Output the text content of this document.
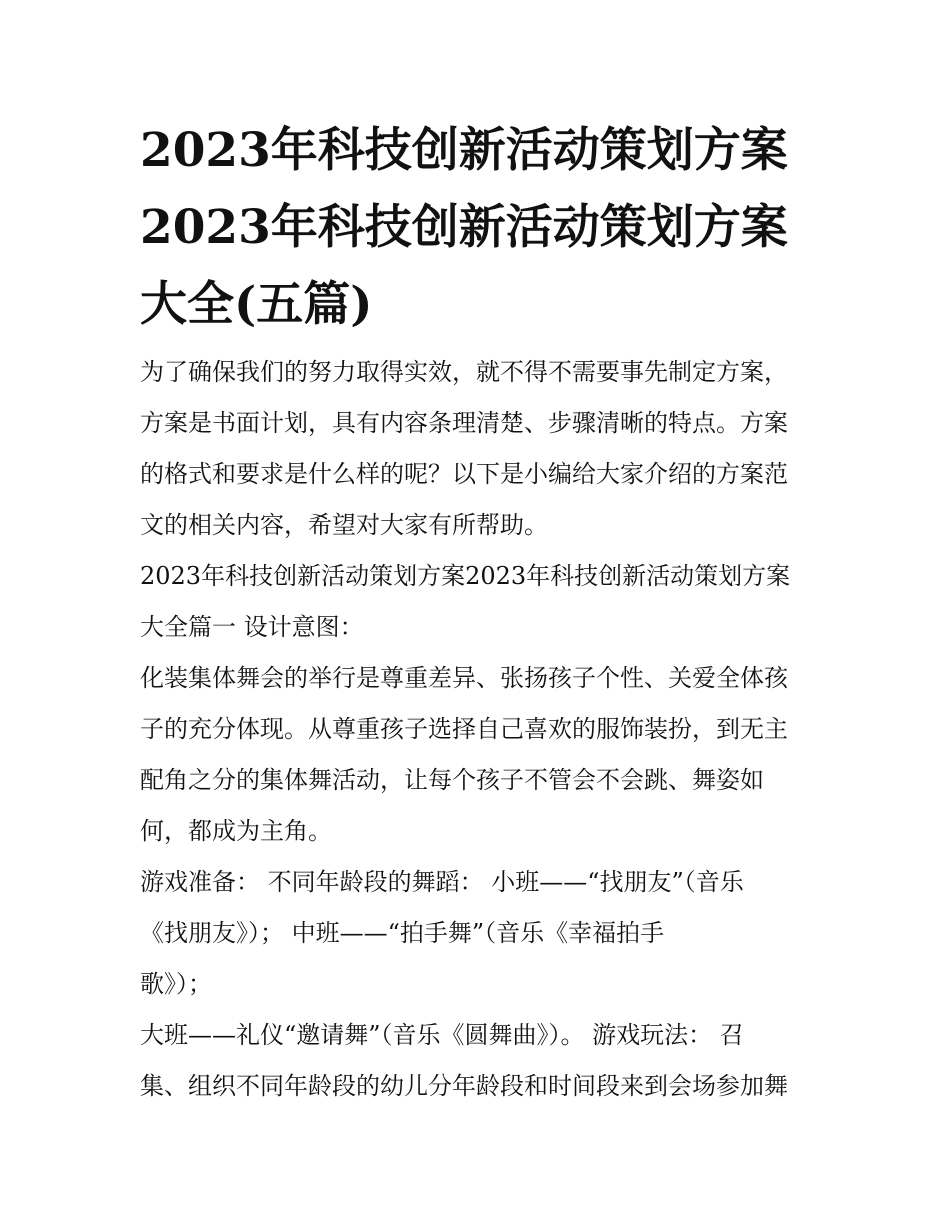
2023年科技创新活动策划方案
2023年科技创新活动策划方案
大全(五篇)
为了确保我们的努力取得实效，就不得不需要事先制定方案，
方案是书面计划，具有内容条理清楚、步骤清晰的特点。方案
的格式和要求是什么样的呢？以下是小编给大家介绍的方案范
文的相关内容，希望对大家有所帮助。
2023年科技创新活动策划方案2023年科技创新活动策划方案
大全篇一 设计意图：
化装集体舞会的举行是尊重差异、张扬孩子个性、关爱全体孩
子的充分体现。从尊重孩子选择自己喜欢的服饰装扮，到无主
配角之分的集体舞活动，让每个孩子不管会不会跳、舞姿如
何，都成为主角。
游戏准备： 不同年龄段的舞蹈： 小班——“找朋友”（音乐
《找朋友》）； 中班——“拍手舞”（音乐《幸福拍手
歌》）；
大班——礼仪“邀请舞”（音乐《圆舞曲》）。 游戏玩法： 召
集、组织不同年龄段的幼儿分年龄段和时间段来到会场参加舞
